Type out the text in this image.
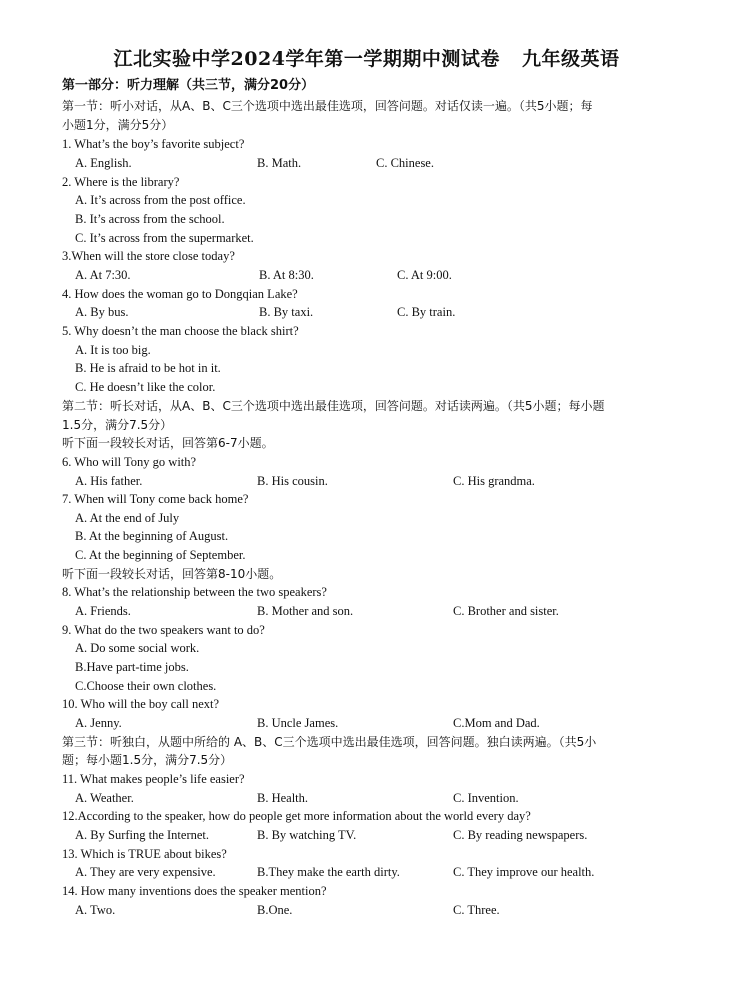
江北实验中学2024学年第一学期期中测试卷 九年级英语
第一部分：听力理解（共三节，满分20分）
第一节：听小对话，从A、B、C三个选项中选出最佳选项，回答问题。对话仅读一遍。（共5小题；每
小题1分，满分5分）
1. What’s the boy’s favorite subject?
A. English.	B. Math.	C. Chinese.
2. Where is the library?
A. It’s across from the post office.
B. It’s across from the school.
C. It’s across from the supermarket.
3.When will the store close today?
A. At 7:30.	B. At 8:30.	C. At 9:00.
4. How does the woman go to Dongqian Lake?
A. By bus.	B. By taxi.	C. By train.
5. Why doesn’t the man choose the black shirt?
A. It is too big.
B. He is afraid to be hot in it.
C. He doesn’t like the color.
第二节：听长对话，从A、B、C三个选项中选出最佳选项，回答问题。对话读两遍。（共5小题；每小题
1.5分，满分7.5分）
听下面一段较长对话，回答第6-7小题。
6. Who will Tony go with?
A. His father.	B. His cousin.	C. His grandma.
7. When will Tony come back home?
A. At the end of July
B. At the beginning of August.
C. At the beginning of September.
听下面一段较长对话，回答第8-10小题。
8. What’s the relationship between the two speakers?
A. Friends.	B. Mother and son.	C. Brother and sister.
9. What do the two speakers want to do?
A. Do some social work.
B.Have part-time jobs.
C.Choose their own clothes.
10. Who will the boy call next?
A. Jenny.	B. Uncle James.	C.Mom and Dad.
第三节：听独白，从题中所给的 A、B、C三个选项中选出最佳选项，回答问题。独白读两遍。（共5小
题；每小题1.5分，满分7.5分）
11. What makes people’s life easier?
A. Weather.	B. Health.	C. Invention.
12.According to the speaker, how do people get more information about the world every day?
A. By Surfing the Internet.	B. By watching TV.	C. By reading newspapers.
13. Which is TRUE about bikes?
A. They are very expensive.	B.They make the earth dirty.	C. They improve our health.
14. How many inventions does the speaker mention?
A. Two.	B.One.	C. Three.
